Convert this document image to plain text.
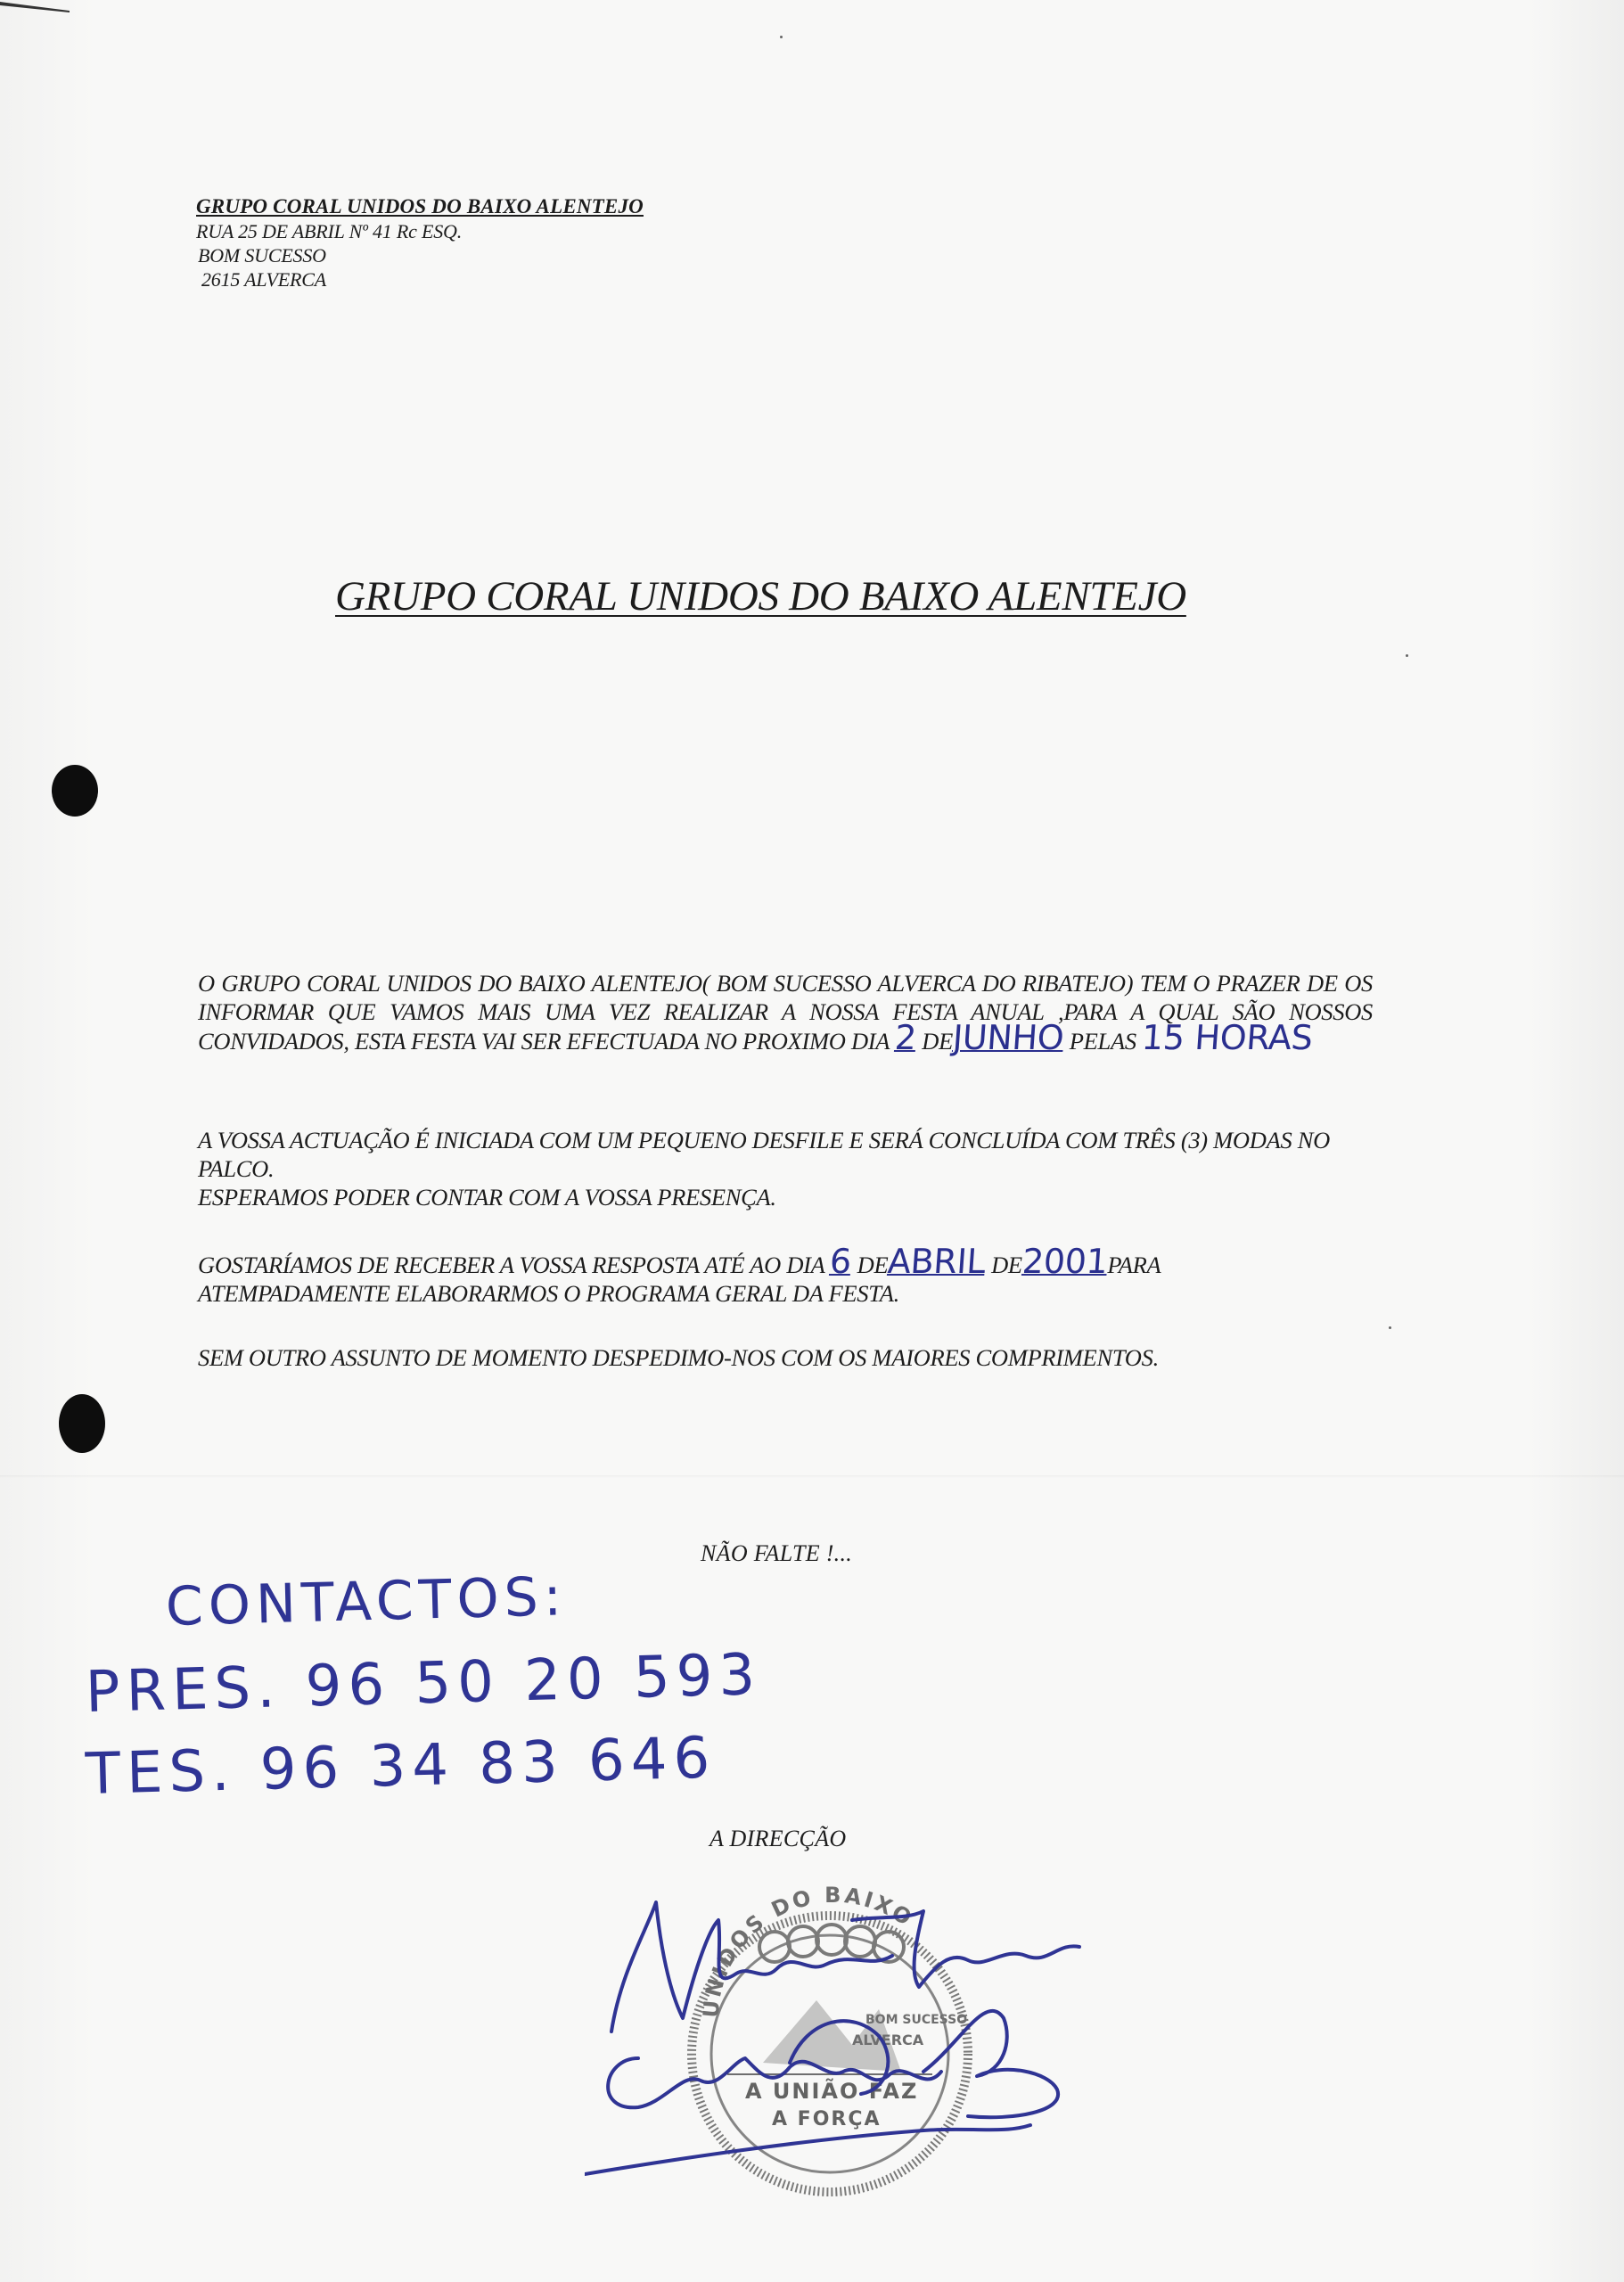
GRUPO CORAL UNIDOS DO BAIXO ALENTEJO
RUA 25 DE ABRIL Nº 41 Rc ESQ.
BOM SUCESSO
2615 ALVERCA
GRUPO CORAL UNIDOS DO BAIXO ALENTEJO

O GRUPO CORAL UNIDOS DO BAIXO ALENTEJO( BOM SUCESSO ALVERCA DO RIBATEJO) TEM O PRAZER DE OS INFORMAR QUE VAMOS MAIS UMA VEZ REALIZAR A NOSSA FESTA ANUAL ,PARA A QUAL SÃO NOSSOS CONVIDADOS, ESTA FESTA VAI SER EFECTUADA NO PROXIMO DIA 2 DEJUNHO PELAS 15 HORAS

A VOSSA ACTUAÇÃO É INICIADA COM UM PEQUENO DESFILE E SERÁ CONCLUÍDA COM TRÊS (3) MODAS NO PALCO.

ESPERAMOS PODER CONTAR COM A VOSSA PRESENÇA.

GOSTARÍAMOS DE RECEBER A VOSSA RESPOSTA ATÉ AO DIA 6 DEABRIL DE2001PARA

ATEMPADAMENTE ELABORARMOS O PROGRAMA GERAL DA FESTA.

SEM OUTRO ASSUNTO DE MOMENTO DESPEDIMO-NOS COM OS MAIORES COMPRIMENTOS.

NÃO FALTE !...
CONTACTOS:
PRES. 96 50 20 593
TES. 96 34 83 646
A DIRECÇÃO
UNIDOS DO BAIXO
BOM SUCESSO
ALVERCA
A UNIÃO FAZ
A FORÇA
